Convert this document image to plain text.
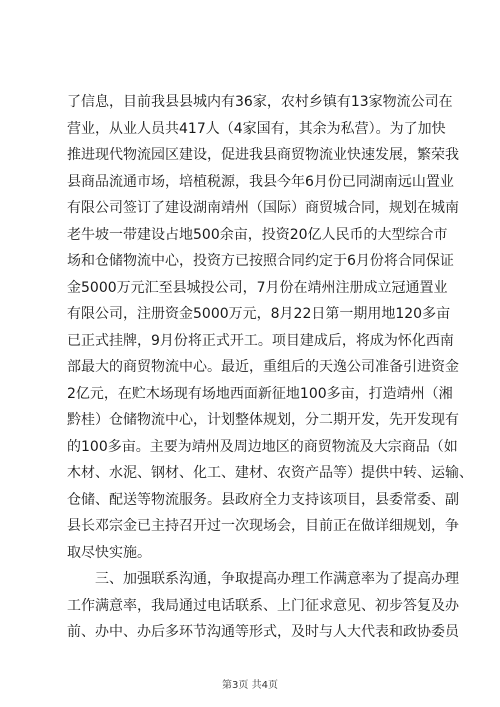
了信息，目前我县县城内有36家，农村乡镇有13家物流公司在
营业，从业人员共417人（4家国有，其余为私营）。为了加快
推进现代物流园区建设，促进我县商贸物流业快速发展，繁荣我
县商品流通市场，培植税源，我县今年6月份已同湖南远山置业
有限公司签订了建设湖南靖州（国际）商贸城合同，规划在城南
老牛坡一带建设占地500余亩，投资20亿人民币的大型综合市
场和仓储物流中心，投资方已按照合同约定于6月份将合同保证
金5000万元汇至县城投公司，7月份在靖州注册成立冠通置业
有限公司，注册资金5000万元，8月22日第一期用地120多亩
已正式挂牌，9月份将正式开工。项目建成后，将成为怀化西南
部最大的商贸物流中心。最近，重组后的天逸公司准备引进资金
2亿元，在贮木场现有场地西面新征地100多亩，打造靖州（湘
黔桂）仓储物流中心，计划整体规划，分二期开发，先开发现有
的100多亩。主要为靖州及周边地区的商贸物流及大宗商品（如
木材、水泥、钢材、化工、建材、农资产品等）提供中转、运输、
仓储、配送等物流服务。县政府全力支持该项目，县委常委、副
县长邓宗金已主持召开过一次现场会，目前正在做详细规划，争
取尽快实施。
　　三、加强联系沟通，争取提高办理工作满意率为了提高办理
工作满意率，我局通过电话联系、上门征求意见、初步答复及办
前、办中、办后多环节沟通等形式，及时与人大代表和政协委员
第3页 共4页
